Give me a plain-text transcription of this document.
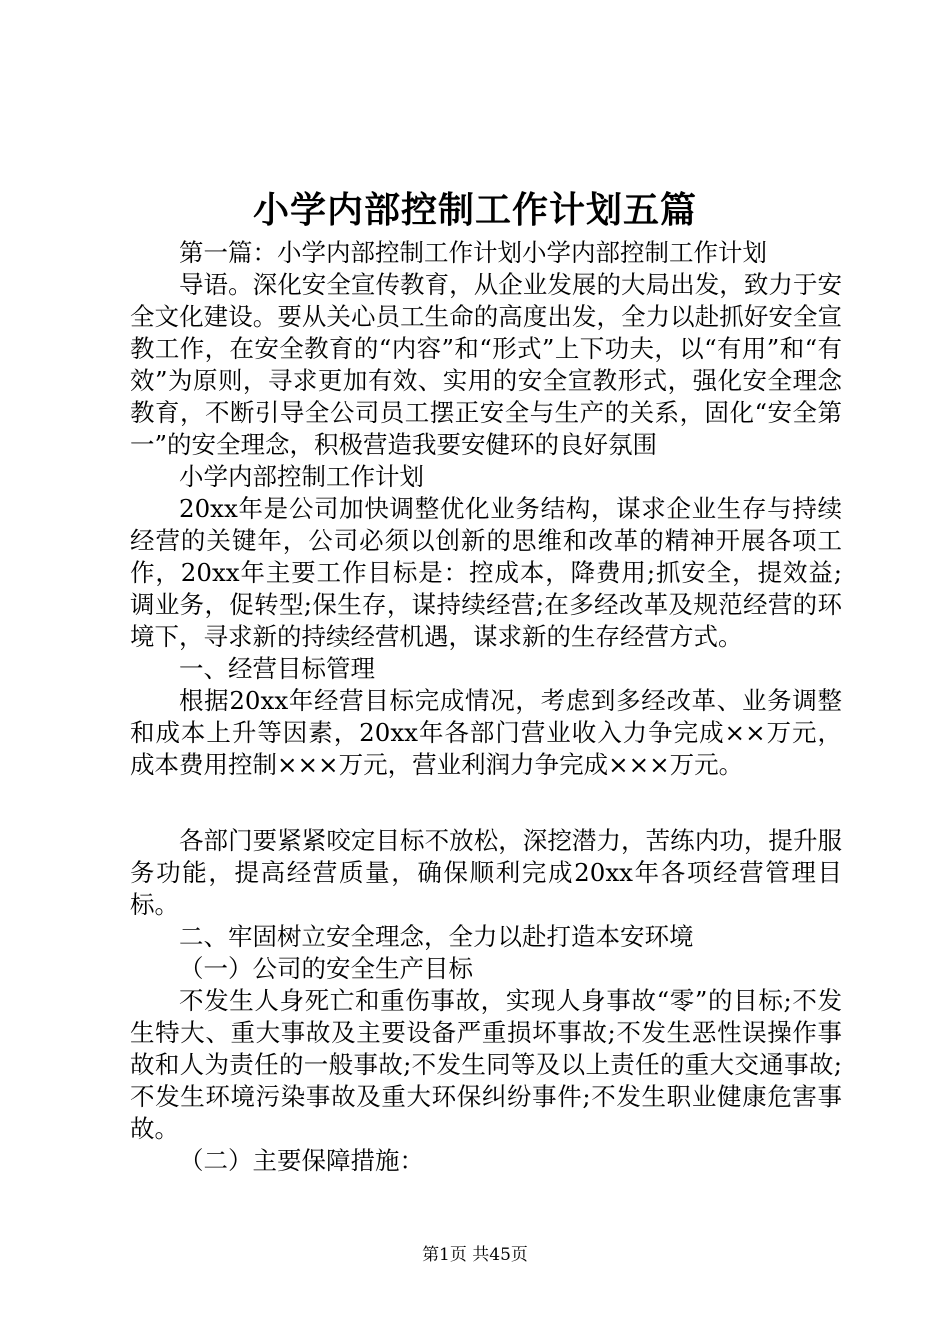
小学内部控制工作计划五篇

第一篇：小学内部控制工作计划小学内部控制工作计划

导语。深化安全宣传教育，从企业发展的大局出发，致力于安全文化建设。要从关心员工生命的高度出发，全力以赴抓好安全宣教工作，在安全教育的“内容”和“形式”上下功夫，以“有用”和“有效”为原则，寻求更加有效、实用的安全宣教形式，强化安全理念教育，不断引导全公司员工摆正安全与生产的关系，固化“安全第一”的安全理念，积极营造我要安健环的良好氛围

小学内部控制工作计划

20xx年是公司加快调整优化业务结构，谋求企业生存与持续经营的关键年，公司必须以创新的思维和改革的精神开展各项工作，20xx年主要工作目标是：控成本，降费用;抓安全，提效益;调业务，促转型;保生存，谋持续经营;在多经改革及规范经营的环境下，寻求新的持续经营机遇，谋求新的生存经营方式。

一、经营目标管理

根据20xx年经营目标完成情况，考虑到多经改革、业务调整和成本上升等因素，20xx年各部门营业收入力争完成××万元，成本费用控制×××万元，营业利润力争完成×××万元。

各部门要紧紧咬定目标不放松，深挖潜力，苦练内功，提升服务功能，提高经营质量，确保顺利完成20xx年各项经营管理目标。

二、牢固树立安全理念，全力以赴打造本安环境

（一）公司的安全生产目标

不发生人身死亡和重伤事故，实现人身事故“零”的目标;不发生特大、重大事故及主要设备严重损坏事故;不发生恶性误操作事故和人为责任的一般事故;不发生同等及以上责任的重大交通事故;不发生环境污染事故及重大环保纠纷事件;不发生职业健康危害事故。

（二）主要保障措施：

第1页 共45页
